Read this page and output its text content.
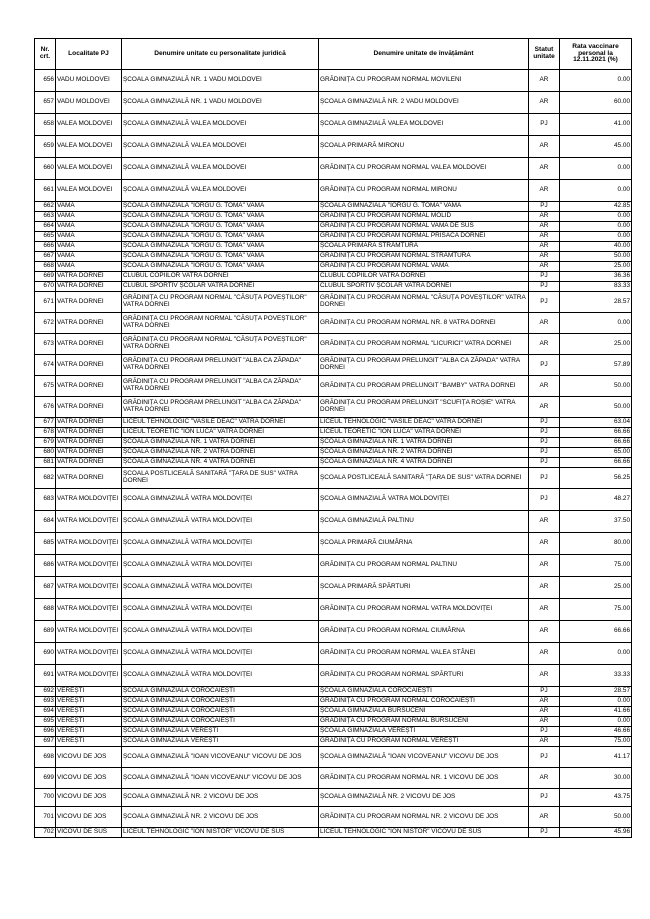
Nr. crt.	Localitate PJ	Denumire unitate cu personalitate juridică	Denumire unitate de învățământ	Statut unitate	Rata vaccinare personal la 12.11.2021 (%)
656	VADU MOLDOVEI	ȘCOALA GIMNAZIALĂ NR. 1 VADU MOLDOVEI	GRĂDINIȚA CU PROGRAM NORMAL MOVILENI	AR	0.00
657	VADU MOLDOVEI	ȘCOALA GIMNAZIALĂ NR. 1 VADU MOLDOVEI	ȘCOALA GIMNAZIALĂ NR. 2 VADU MOLDOVEI	AR	60.00
658	VALEA MOLDOVEI	ȘCOALA GIMNAZIALĂ VALEA MOLDOVEI	ȘCOALA GIMNAZIALĂ VALEA MOLDOVEI	PJ	41.00
659	VALEA MOLDOVEI	ȘCOALA GIMNAZIALĂ VALEA MOLDOVEI	ȘCOALA PRIMARĂ MIRONU	AR	45.00
660	VALEA MOLDOVEI	ȘCOALA GIMNAZIALĂ VALEA MOLDOVEI	GRĂDINIȚA CU PROGRAM NORMAL VALEA MOLDOVEI	AR	0.00
661	VALEA MOLDOVEI	ȘCOALA GIMNAZIALĂ VALEA MOLDOVEI	GRĂDINIȚA CU PROGRAM NORMAL MIRONU	AR	0.00
662	VAMA	ȘCOALA GIMNAZIALĂ "IORGU G. TOMA" VAMA	ȘCOALA GIMNAZIALĂ "IORGU G. TOMA" VAMA	PJ	42.85
663	VAMA	ȘCOALA GIMNAZIALĂ "IORGU G. TOMA" VAMA	GRĂDINIȚA CU PROGRAM NORMAL MOLID	AR	0.00
664	VAMA	ȘCOALA GIMNAZIALĂ "IORGU G. TOMA" VAMA	GRĂDINIȚA CU PROGRAM NORMAL VAMA DE SUS	AR	0.00
665	VAMA	ȘCOALA GIMNAZIALĂ "IORGU G. TOMA" VAMA	GRĂDINIȚA CU PROGRAM NORMAL PRISACA DORNEI	AR	0.00
666	VAMA	ȘCOALA GIMNAZIALĂ "IORGU G. TOMA" VAMA	ȘCOALA PRIMARĂ STRÂMTURA	AR	40.00
667	VAMA	ȘCOALA GIMNAZIALĂ "IORGU G. TOMA" VAMA	GRĂDINIȚA CU PROGRAM NORMAL STRÂMTURA	AR	50.00
668	VAMA	ȘCOALA GIMNAZIALĂ "IORGU G. TOMA" VAMA	GRĂDINIȚA CU PROGRAM NORMAL VAMA	AR	25.00
669	VATRA DORNEI	CLUBUL COPIILOR VATRA DORNEI	CLUBUL COPIILOR VATRA DORNEI	PJ	36.36
670	VATRA DORNEI	CLUBUL SPORTIV ȘCOLAR VATRA DORNEI	CLUBUL SPORTIV ȘCOLAR VATRA DORNEI	PJ	83.33
671	VATRA DORNEI	GRĂDINIȚA CU PROGRAM NORMAL "CĂSUȚA POVEȘTILOR" VATRA DORNEI	GRĂDINIȚA CU PROGRAM NORMAL "CĂSUȚA POVEȘTILOR" VATRA DORNEI	PJ	28.57
672	VATRA DORNEI	GRĂDINIȚA CU PROGRAM NORMAL "CĂSUȚA POVEȘTILOR" VATRA DORNEI	GRĂDINIȚA CU PROGRAM NORMAL NR. 8 VATRA DORNEI	AR	0.00
673	VATRA DORNEI	GRĂDINIȚA CU PROGRAM NORMAL "CĂSUȚA POVEȘTILOR" VATRA DORNEI	GRĂDINIȚA CU PROGRAM NORMAL "LICURICI" VATRA DORNEI	AR	25.00
674	VATRA DORNEI	GRĂDINIȚA CU PROGRAM PRELUNGIT "ALBA CA ZĂPADA" VATRA DORNEI	GRĂDINIȚA CU PROGRAM PRELUNGIT "ALBA CA ZĂPADA" VATRA DORNEI	PJ	57.89
675	VATRA DORNEI	GRĂDINIȚA CU PROGRAM PRELUNGIT "ALBA CA ZĂPADA" VATRA DORNEI	GRĂDINIȚA CU PROGRAM PRELUNGIT "BAMBY" VATRA DORNEI	AR	50.00
676	VATRA DORNEI	GRĂDINIȚA CU PROGRAM PRELUNGIT "ALBA CA ZĂPADA" VATRA DORNEI	GRĂDINIȚA CU PROGRAM PRELUNGIT "SCUFIȚA ROȘIE" VATRA DORNEI	AR	50.00
677	VATRA DORNEI	LICEUL TEHNOLOGIC "VASILE DEAC" VATRA DORNEI	LICEUL TEHNOLOGIC "VASILE DEAC" VATRA DORNEI	PJ	63.04
678	VATRA DORNEI	LICEUL TEORETIC "ION LUCA" VATRA DORNEI	LICEUL TEORETIC "ION LUCA" VATRA DORNEI	PJ	66.66
679	VATRA DORNEI	ȘCOALA GIMNAZIALĂ NR. 1 VATRA DORNEI	ȘCOALA GIMNAZIALĂ NR. 1 VATRA DORNEI	PJ	66.66
680	VATRA DORNEI	ȘCOALA GIMNAZIALĂ NR. 2 VATRA DORNEI	ȘCOALA GIMNAZIALĂ NR. 2 VATRA DORNEI	PJ	65.00
681	VATRA DORNEI	ȘCOALA GIMNAZIALĂ NR. 4 VATRA DORNEI	ȘCOALA GIMNAZIALĂ NR. 4 VATRA DORNEI	PJ	66.66
682	VATRA DORNEI	ȘCOALA POSTLICEALĂ SANITARĂ "ȚARA DE SUS" VATRA DORNEI	ȘCOALA POSTLICEALĂ SANITARĂ "ȚARA DE SUS" VATRA DORNEI	PJ	56.25
683	VATRA MOLDOVIȚEI	ȘCOALA GIMNAZIALĂ VATRA MOLDOVIȚEI	ȘCOALA GIMNAZIALĂ VATRA MOLDOVIȚEI	PJ	48.27
684	VATRA MOLDOVIȚEI	ȘCOALA GIMNAZIALĂ VATRA MOLDOVIȚEI	ȘCOALA GIMNAZIALĂ PALTINU	AR	37.50
685	VATRA MOLDOVIȚEI	ȘCOALA GIMNAZIALĂ VATRA MOLDOVIȚEI	ȘCOALA PRIMARĂ CIUMÂRNA	AR	80.00
686	VATRA MOLDOVIȚEI	ȘCOALA GIMNAZIALĂ VATRA MOLDOVIȚEI	GRĂDINIȚA CU PROGRAM NORMAL PALTINU	AR	75.00
687	VATRA MOLDOVIȚEI	ȘCOALA GIMNAZIALĂ VATRA MOLDOVIȚEI	ȘCOALA PRIMARĂ SPĂRTURI	AR	25.00
688	VATRA MOLDOVIȚEI	ȘCOALA GIMNAZIALĂ VATRA MOLDOVIȚEI	GRĂDINIȚA CU PROGRAM NORMAL VATRA MOLDOVIȚEI	AR	75.00
689	VATRA MOLDOVIȚEI	ȘCOALA GIMNAZIALĂ VATRA MOLDOVIȚEI	GRĂDINIȚA CU PROGRAM NORMAL CIUMÂRNA	AR	66.66
690	VATRA MOLDOVIȚEI	ȘCOALA GIMNAZIALĂ VATRA MOLDOVIȚEI	GRĂDINIȚA CU PROGRAM NORMAL VALEA STÂNEI	AR	0.00
691	VATRA MOLDOVIȚEI	ȘCOALA GIMNAZIALĂ VATRA MOLDOVIȚEI	GRĂDINIȚA CU PROGRAM NORMAL SPĂRTURI	AR	33.33
692	VEREȘTI	ȘCOALA GIMNAZIALĂ COROCĂIEȘTI	ȘCOALA GIMNAZIALĂ COROCĂIEȘTI	PJ	28.57
693	VEREȘTI	ȘCOALA GIMNAZIALĂ COROCĂIEȘTI	GRĂDINIȚA CU PROGRAM NORMAL COROCĂIEȘTI	AR	0.00
694	VEREȘTI	ȘCOALA GIMNAZIALĂ COROCĂIEȘTI	ȘCOALA GIMNAZIALĂ BURSUCENI	AR	41.66
695	VEREȘTI	ȘCOALA GIMNAZIALĂ COROCĂIEȘTI	GRĂDINIȚA CU PROGRAM NORMAL BURSUCENI	AR	0.00
696	VEREȘTI	ȘCOALA GIMNAZIALĂ VEREȘTI	ȘCOALA GIMNAZIALĂ VEREȘTI	PJ	46.66
697	VEREȘTI	ȘCOALA GIMNAZIALĂ VEREȘTI	GRĂDINIȚA CU PROGRAM NORMAL VEREȘTI	AR	75.00
698	VICOVU DE JOS	ȘCOALA GIMNAZIALĂ "IOAN VICOVEANU" VICOVU DE JOS	ȘCOALA GIMNAZIALĂ "IOAN VICOVEANU" VICOVU DE JOS	PJ	41.17
699	VICOVU DE JOS	ȘCOALA GIMNAZIALĂ "IOAN VICOVEANU" VICOVU DE JOS	GRĂDINIȚA CU PROGRAM NORMAL NR. 1 VICOVU DE JOS	AR	30.00
700	VICOVU DE JOS	ȘCOALA GIMNAZIALĂ NR. 2 VICOVU DE JOS	ȘCOALA GIMNAZIALĂ NR. 2 VICOVU DE JOS	PJ	43.75
701	VICOVU DE JOS	ȘCOALA GIMNAZIALĂ NR. 2 VICOVU DE JOS	GRĂDINIȚA CU PROGRAM NORMAL NR. 2 VICOVU DE JOS	AR	50.00
702	VICOVU DE SUS	LICEUL TEHNOLOGIC "ION NISTOR" VICOVU DE SUS	LICEUL TEHNOLOGIC "ION NISTOR" VICOVU DE SUS	PJ	45.96
